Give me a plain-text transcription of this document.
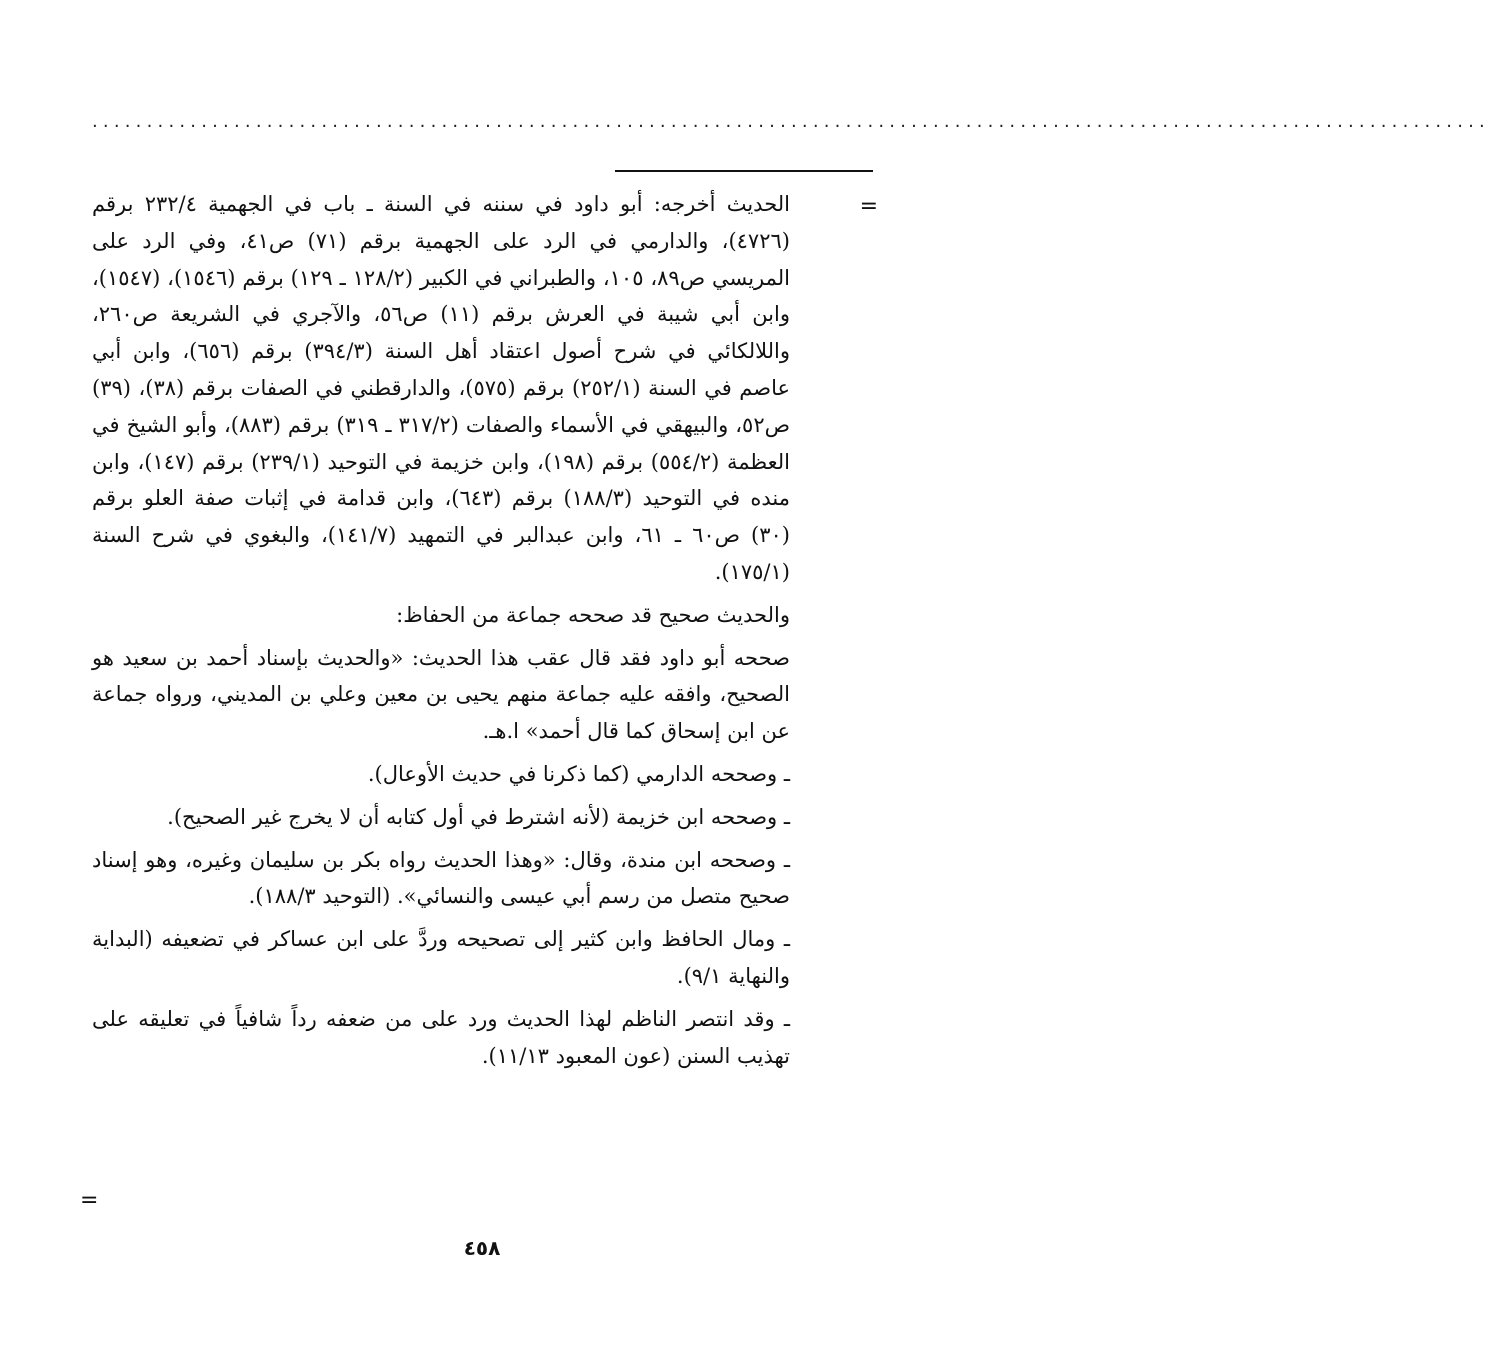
................................................................................................................................
=

الحديث أخرجه: أبو داود في سننه في السنة ـ باب في الجهمية ٢٣٢/٤ برقم (٤٧٢٦)، والدارمي في الرد على الجهمية برقم (٧١) ص٤١، وفي الرد على المريسي ص٨٩، ١٠٥، والطبراني في الكبير (١٢٨/٢ ـ ١٢٩) برقم (١٥٤٦)، (١٥٤٧)، وابن أبي شيبة في العرش برقم (١١) ص٥٦، والآجري في الشريعة ص٢٦٠، واللالكائي في شرح أصول اعتقاد أهل السنة (٣٩٤/٣) برقم (٦٥٦)، وابن أبي عاصم في السنة (٢٥٢/١) برقم (٥٧٥)، والدارقطني في الصفات برقم (٣٨)، (٣٩) ص٥٢، والبيهقي في الأسماء والصفات (٣١٧/٢ ـ ٣١٩) برقم (٨٨٣)، وأبو الشيخ في العظمة (٥٥٤/٢) برقم (١٩٨)، وابن خزيمة في التوحيد (٢٣٩/١) برقم (١٤٧)، وابن منده في التوحيد (١٨٨/٣) برقم (٦٤٣)، وابن قدامة في إثبات صفة العلو برقم (٣٠) ص٦٠ ـ ٦١، وابن عبدالبر في التمهيد (١٤١/٧)، والبغوي في شرح السنة (١٧٥/١).

والحديث صحيح قد صححه جماعة من الحفاظ:

صححه أبو داود فقد قال عقب هذا الحديث: «والحديث بإسناد أحمد بن سعيد هو الصحيح، وافقه عليه جماعة منهم يحيى بن معين وعلي بن المديني، ورواه جماعة عن ابن إسحاق كما قال أحمد» ا.هـ.

ـ وصححه الدارمي (كما ذكرنا في حديث الأوعال).

ـ وصححه ابن خزيمة (لأنه اشترط في أول كتابه أن لا يخرج غير الصحيح).

ـ وصححه ابن مندة، وقال: «وهذا الحديث رواه بكر بن سليمان وغيره، وهو إسناد صحيح متصل من رسم أبي عيسى والنسائي». (التوحيد ١٨٨/٣).

ـ ومال الحافظ وابن كثير إلى تصحيحه وردَّ على ابن عساكر في تضعيفه (البداية والنهاية ٩/١).

ـ وقد انتصر الناظم لهذا الحديث ورد على من ضعفه رداً شافياً في تعليقه على تهذيب السنن (عون المعبود ١١/١٣).

=
٤٥٨
